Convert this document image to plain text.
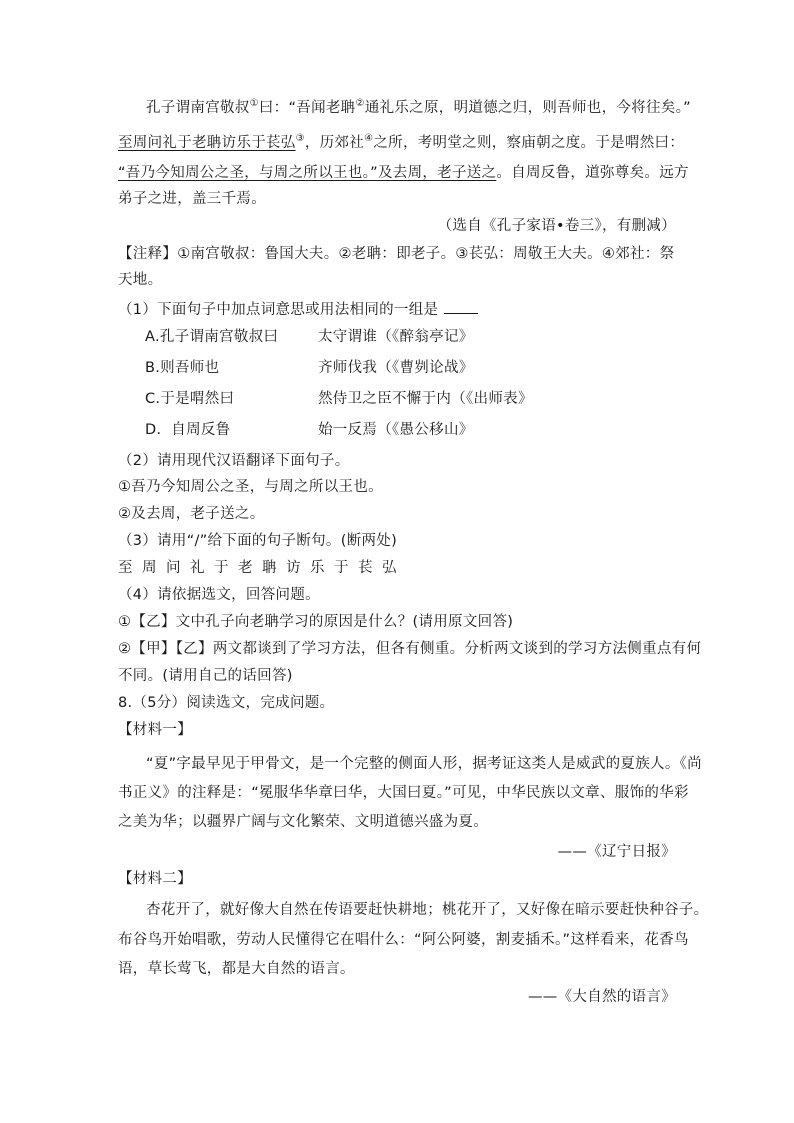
孔子谓南宫敬叔①曰：“吾闻老聃②通礼乐之原，明道德之归，则吾师也，今将往矣。”
至周问礼于老聃访乐于苌弘③，历郊社④之所，考明堂之则，察庙朝之度。于是喟然曰：
“吾乃今知周公之圣，与周之所以王也。”及去周，老子送之。自周反鲁，道弥尊矣。远方
弟子之进，盖三千焉。
（选自《孔子家语•卷三》，有删减）
【注释】①南宫敬叔：鲁国大夫。②老聃：即老子。③苌弘：周敬王大夫。④郊社：祭
天地。
（1）下面句子中加点词意思或用法相同的一组是
A.孔子谓南宫敬叔曰	太守谓谁（《醉翁亭记》
B.则吾师也	齐师伐我（《曹刿论战》
C.于是喟然曰	然侍卫之臣不懈于内（《出师表》
D．自周反鲁	始一反焉（《愚公移山》
（2）请用现代汉语翻译下面句子。
①吾乃今知周公之圣，与周之所以王也。
②及去周，老子送之。
（3）请用“/”给下面的句子断句。(断两处)
至周问礼于老聃访乐于苌弘
（4）请依据选文，回答问题。
①【乙】文中孔子向老聃学习的原因是什么？(请用原文回答)
②【甲】【乙】两文都谈到了学习方法，但各有侧重。分析两文谈到的学习方法侧重点有何
不同。(请用自己的话回答)
8.（5分）阅读选文，完成问题。
【材料一】
“夏”字最早见于甲骨文，是一个完整的侧面人形，据考证这类人是威武的夏族人。《尚
书正义》的注释是：“冕服华华章曰华，大国曰夏。”可见，中华民族以文章、服饰的华彩
之美为华；以疆界广阔与文化繁荣、文明道德兴盛为夏。
——《辽宁日报》
【材料二】
杏花开了，就好像大自然在传语要赶快耕地；桃花开了，又好像在暗示要赶快种谷子。
布谷鸟开始唱歌，劳动人民懂得它在唱什么：“阿公阿婆，割麦插禾。”这样看来，花香鸟
语，草长莺飞，都是大自然的语言。
——《大自然的语言》
